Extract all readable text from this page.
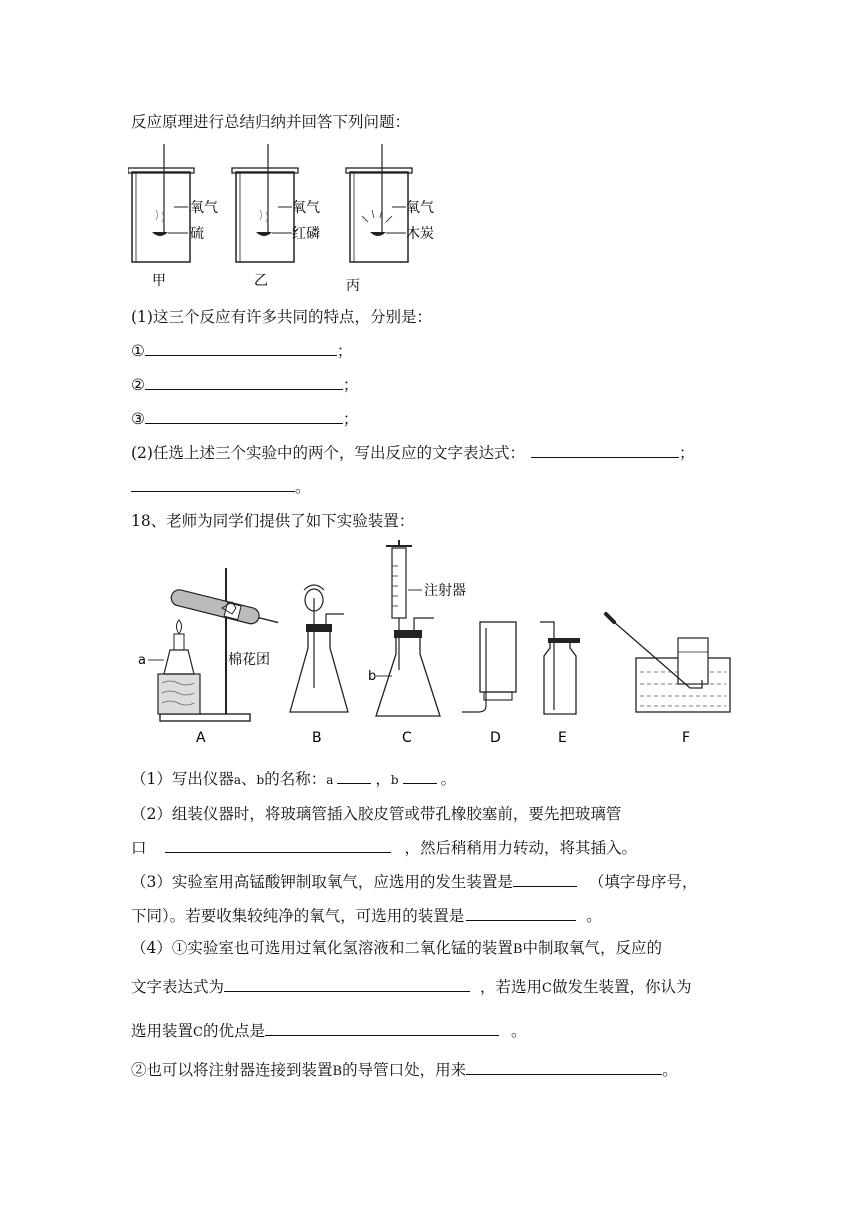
反应原理进行总结归纳并回答下列问题：
氧气
硫
甲
氧气
红磷
乙
氧气
木炭
丙
(1)这三个反应有许多共同的特点，分别是：
①	；
②	；
③	；
(2)任选上述三个实验中的两个，写出反应的文字表达式：	；
。
18、老师为同学们提供了如下实验装置：
a	棉花团
A	B
注射器
b
C	D	E	F
（1）写出仪器a、b的名称：a	，b	。
（2）组装仪器时，将玻璃管插入胶皮管或带孔橡胶塞前，要先把玻璃管
口	，然后稍稍用力转动，将其插入。
（3）实验室用高锰酸钾制取氧气，应选用的发生装置是	（填字母序号，
下同）。若要收集较纯净的氧气，可选用的装置是	。
（4）①实验室也可选用过氧化氢溶液和二氧化锰的装置B中制取氧气，反应的
文字表达式为	，若选用C做发生装置，你认为
选用装置C的优点是	。
②也可以将注射器连接到装置B的导管口处，用来	。
